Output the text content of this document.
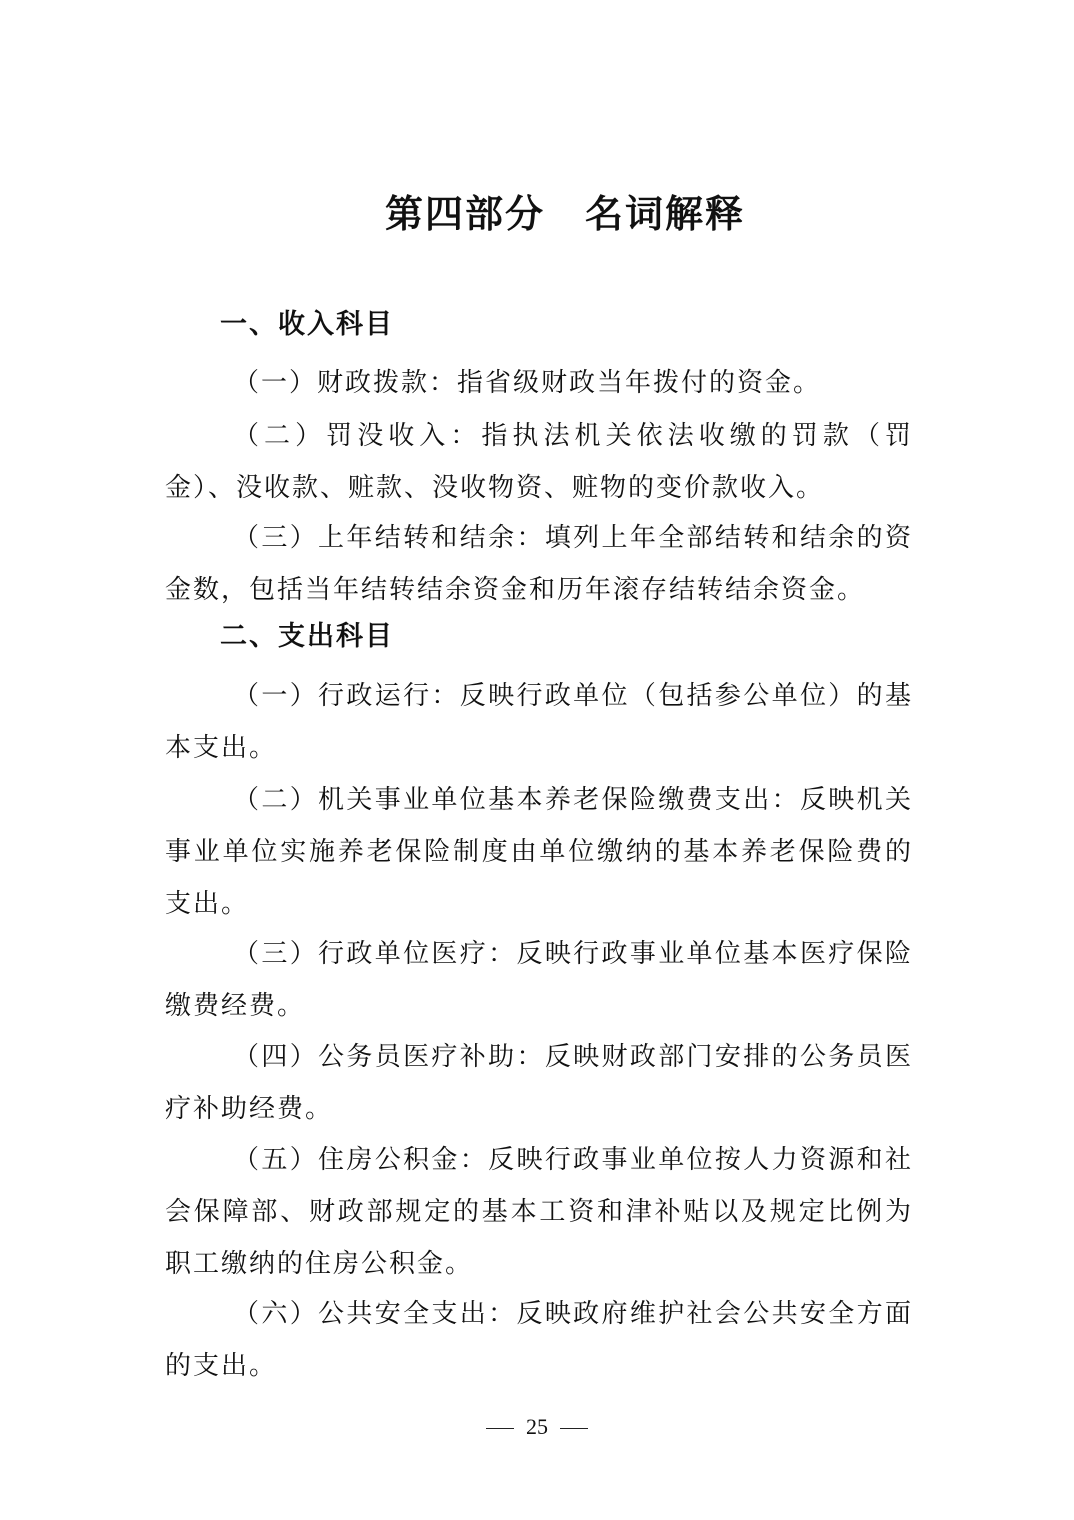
第四部分　名词解释
一、收入科目

（一）财政拨款：指省级财政当年拨付的资金。

（二）罚没收入：指执法机关依法收缴的罚款（罚金）、没收款、赃款、没收物资、赃物的变价款收入。

（三）上年结转和结余：填列上年全部结转和结余的资金数，包括当年结转结余资金和历年滚存结转结余资金。

二、支出科目

（一）行政运行：反映行政单位（包括参公单位）的基本支出。

（二）机关事业单位基本养老保险缴费支出：反映机关事业单位实施养老保险制度由单位缴纳的基本养老保险费的支出。

（三）行政单位医疗：反映行政事业单位基本医疗保险缴费经费。

（四）公务员医疗补助：反映财政部门安排的公务员医疗补助经费。

（五）住房公积金：反映行政事业单位按人力资源和社会保障部、财政部规定的基本工资和津补贴以及规定比例为职工缴纳的住房公积金。

（六）公共安全支出：反映政府维护社会公共安全方面的支出。

25
